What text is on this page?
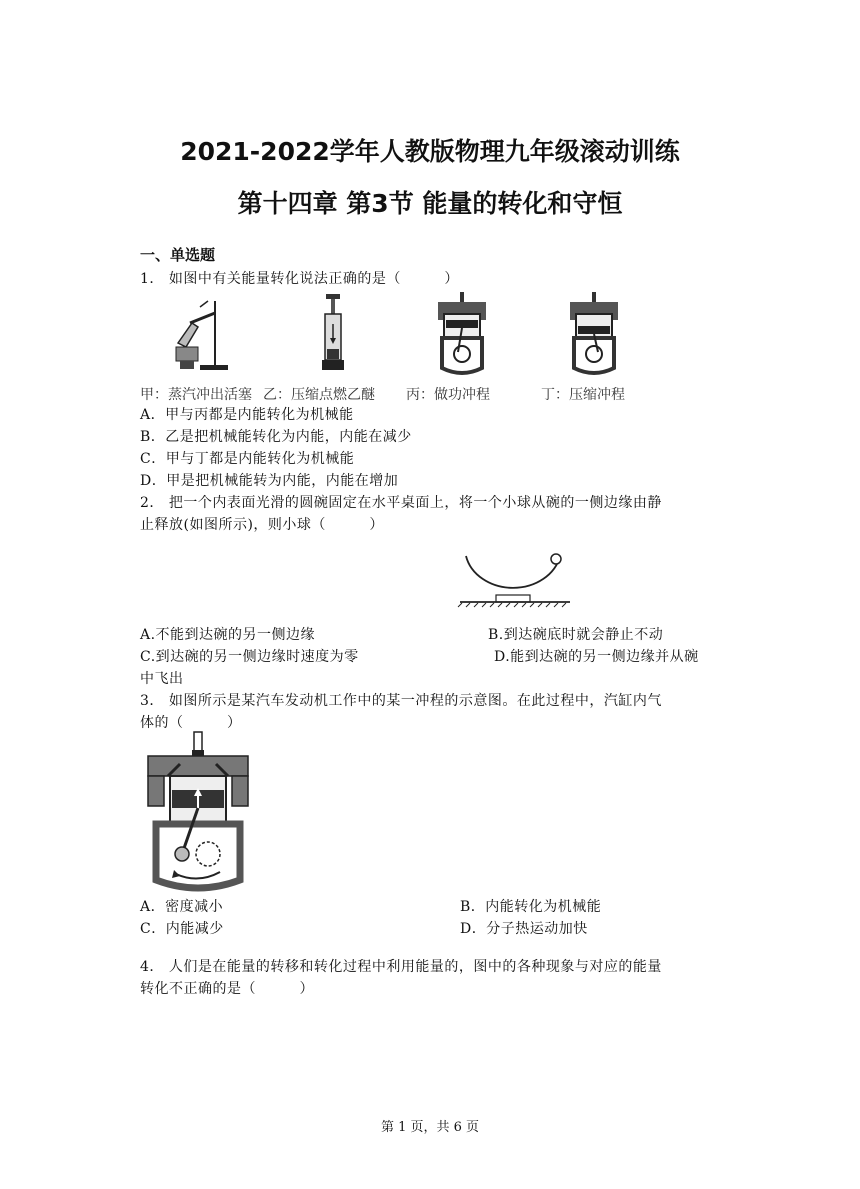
2021-2022学年人教版物理九年级滚动训练
第十四章 第3节 能量的转化和守恒
一、单选题
1． 如图中有关能量转化说法正确的是（　　　）
甲：蒸汽冲出活塞 乙：压缩点燃乙醚 丙：做功冲程	丁：压缩冲程
A．甲与丙都是内能转化为机械能
B．乙是把机械能转化为内能，内能在减少
C．甲与丁都是内能转化为机械能
D．甲是把机械能转为内能，内能在增加
2． 把一个内表面光滑的圆碗固定在水平桌面上，将一个小球从碗的一侧边缘由静
止释放(如图所示)，则小球（　　　）
A.不能到达碗的另一侧边缘	B.到达碗底时就会静止不动
C.到达碗的另一侧边缘时速度为零	D.能到达碗的另一侧边缘并从碗
中飞出
3． 如图所示是某汽车发动机工作中的某一冲程的示意图。在此过程中，汽缸内气
体的（　　　）
A．密度减小	B．内能转化为机械能
C．内能减少	D．分子热运动加快
4． 人们是在能量的转移和转化过程中利用能量的，图中的各种现象与对应的能量
转化不正确的是（　　　）
第 1 页，共 6 页
